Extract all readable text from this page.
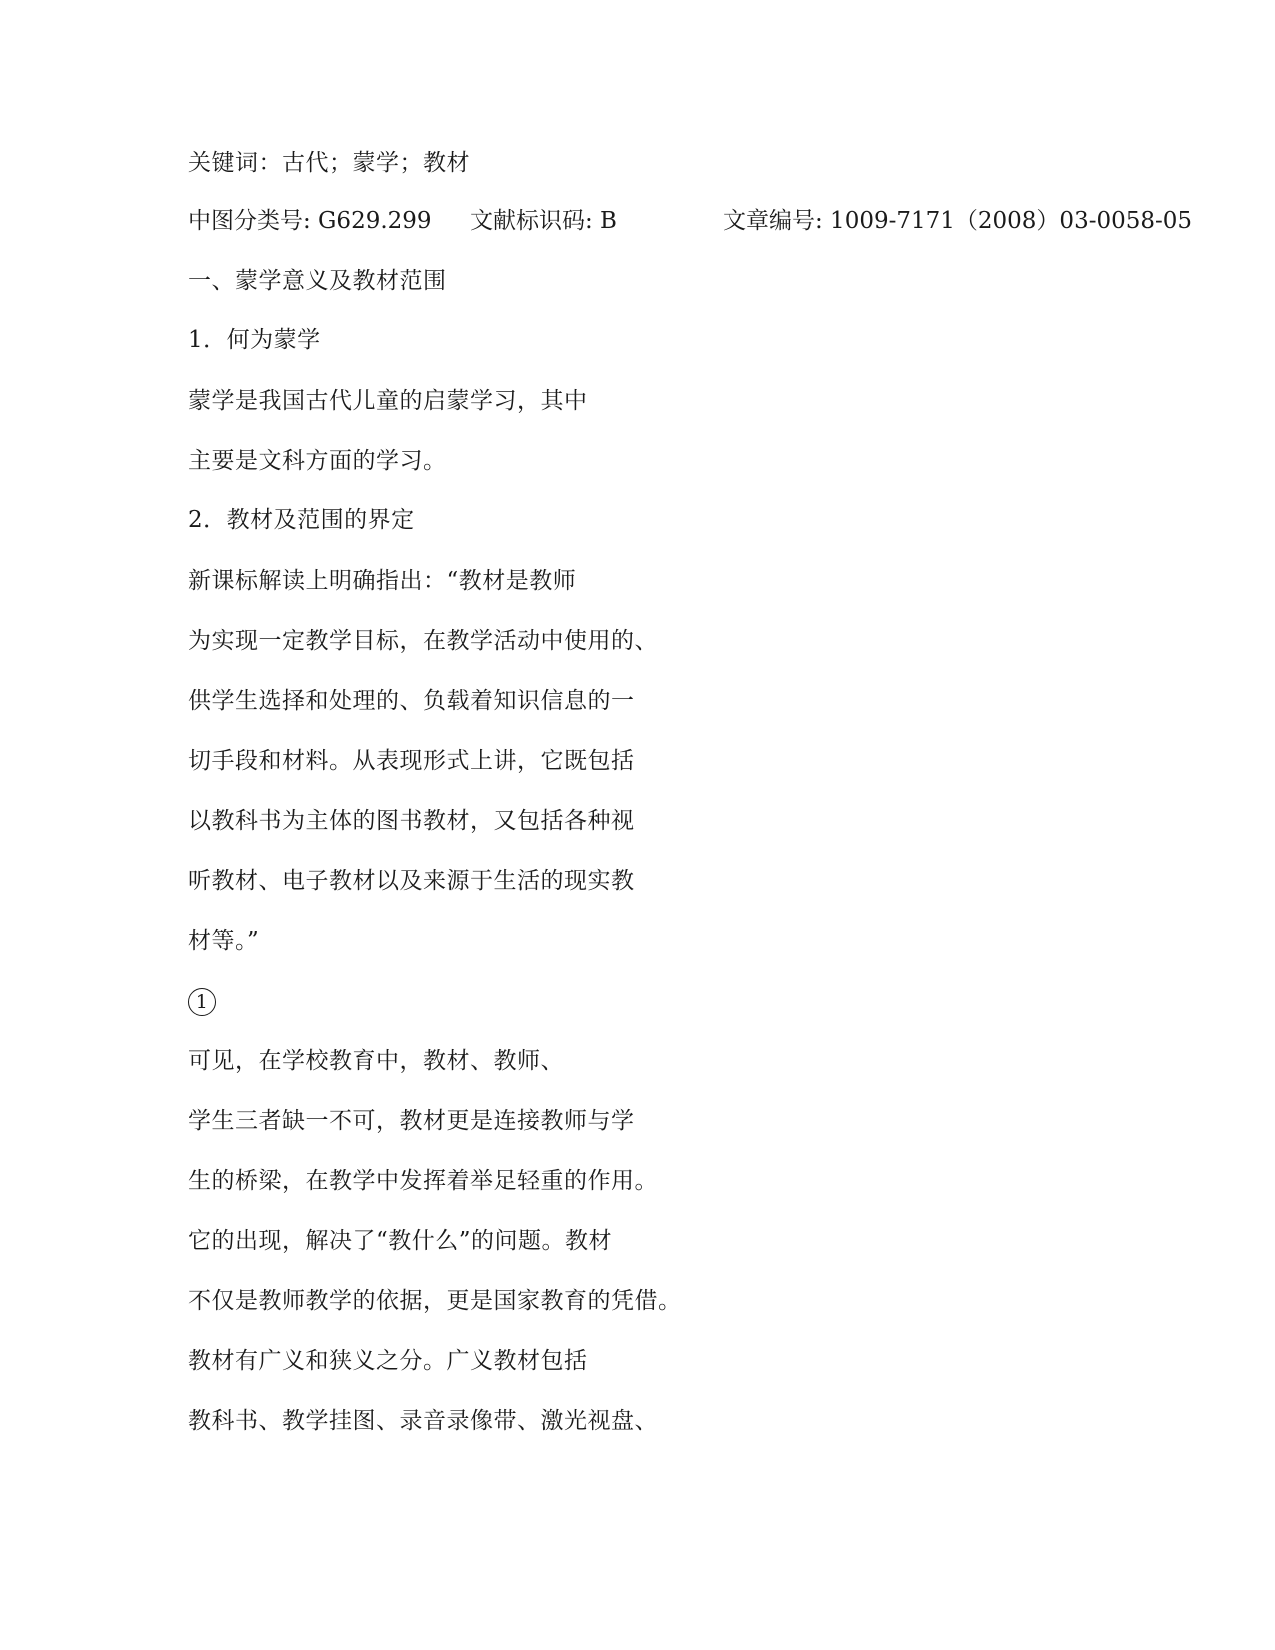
关键词：古代；蒙学；教材
中图分类号: G629.299 文献标识码: B	文章编号: 1009-7171（2008）03-0058-05
一、蒙学意义及教材范围
1．何为蒙学
蒙学是我国古代儿童的启蒙学习，其中
主要是文科方面的学习。
2．教材及范围的界定
新课标解读上明确指出：“教材是教师
为实现一定教学目标，在教学活动中使用的、
供学生选择和处理的、负载着知识信息的一
切手段和材料。从表现形式上讲，它既包括
以教科书为主体的图书教材，又包括各种视
听教材、电子教材以及来源于生活的现实教
材等。”
1
可见，在学校教育中，教材、教师、
学生三者缺一不可，教材更是连接教师与学
生的桥梁，在教学中发挥着举足轻重的作用。
它的出现，解决了“教什么”的问题。教材
不仅是教师教学的依据，更是国家教育的凭借。
教材有广义和狭义之分。广义教材包括
教科书、教学挂图、录音录像带、激光视盘、
